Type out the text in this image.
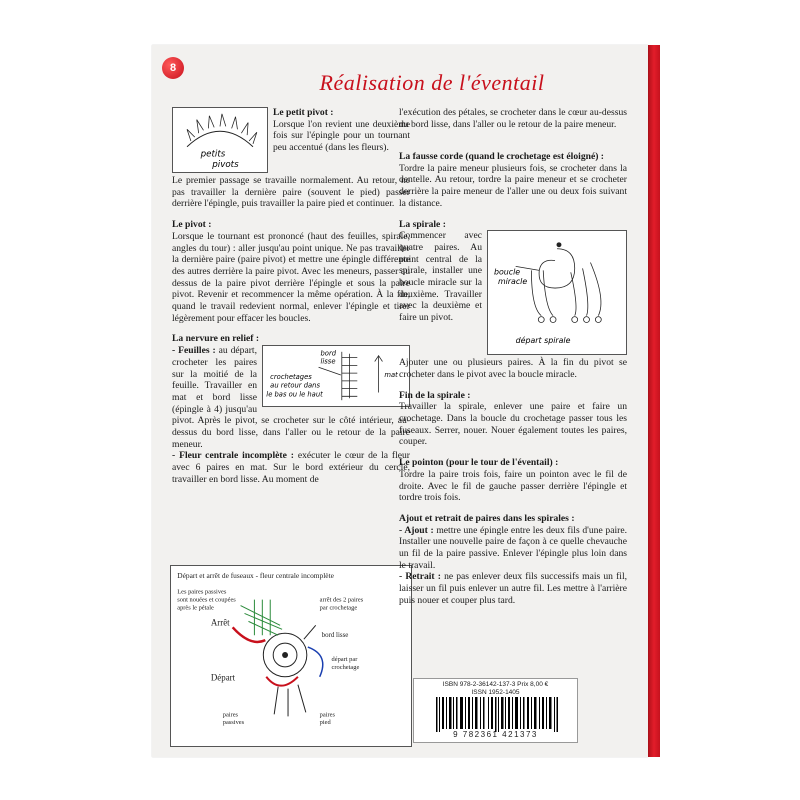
8
Réalisation de l'éventail
petits
pivots
Le petit pivot :

Lorsque l'on revient une deuxième fois sur l'épingle pour un tournant peu accentué (dans les fleurs).

Le premier passage se travaille normalement. Au retour, ne pas travailler la dernière paire (souvent le pied) passer derrière l'épingle, puis travailler la paire pied et continuer.

Le pivot :

Lorsque le tournant est prononcé (haut des feuilles, spirale, angles du tour) : aller jusqu'au point unique. Ne pas travailler la dernière paire (paire pivot) et mettre une épingle différente des autres derrière la paire pivot. Avec les meneurs, passer au dessus de la paire pivot derrière l'épingle et sous la paire pivot. Revenir et recommencer la même opération. À la fin, quand le travail redevient normal, enlever l'épingle et tirer légèrement pour effacer les boucles.

La nervure en relief :
bord
lisse
crochetages
au retour dans
le bas ou le haut
mat

- Feuilles : au départ, crocheter les paires sur la moitié de la feuille. Travailler en mat et bord lisse (épingle à 4) jusqu'au pivot. Après le pivot, se crocheter sur le côté intérieur, au-dessus du bord lisse, dans l'aller ou le retour de la paire meneur.

- Fleur centrale incomplète : exécuter le cœur de la fleur avec 6 paires en mat. Sur le bord extérieur du cercle, travailler en bord lisse. Au moment de

Départ et arrêt de fuseaux - fleur centrale incomplète
Les paires passives
sont nouées et coupées
après le pétale
Arrêt
arrêt des 2 paires
par crochetage
bord lisse
départ par
crochetage
Départ
paires
passives
paires
pied
La fausse corde (quand le crochetage est éloigné) :

Tordre la paire meneur plusieurs fois, se crocheter dans la dentelle. Au retour, tordre la paire meneur et se crocheter derrière la paire meneur de l'aller une ou deux fois suivant la distance.

La spirale :
boucle
miracle
départ spirale

Commencer avec quatre paires. Au point central de la spirale, installer une boucle miracle sur la deuxième. Travailler avec la deuxième et faire un pivot.

Ajouter une ou plusieurs paires. À la fin du pivot se crocheter dans le pivot avec la boucle miracle.

Fin de la spirale :

Travailler la spirale, enlever une paire et faire un crochetage. Dans la boucle du crochetage passer tous les fuseaux. Serrer, nouer. Nouer également toutes les paires, couper.

Le pointon (pour le tour de l'éventail) :

Tordre la paire trois fois, faire un pointon avec le fil de droite. Avec le fil de gauche passer derrière l'épingle et tordre trois fois.

Ajout et retrait de paires dans les spirales :

- Ajout : mettre une épingle entre les deux fils d'une paire. Installer une nouvelle paire de façon à ce quelle chevauche un fil de la paire passive. Enlever l'épingle plus loin dans le travail.

- Retrait : ne pas enlever deux fils successifs mais un fil, laisser un fil puis enlever un autre fil. Les mettre à l'arrière puis nouer et couper plus tard.

l'exécution des pétales, se crocheter dans le cœur au-dessus du bord lisse, dans l'aller ou le retour de la paire meneur.

ISBN 978-2-36142-137-3 Prix 8,00 €
ISSN 1952-1405
9 782361 421373
